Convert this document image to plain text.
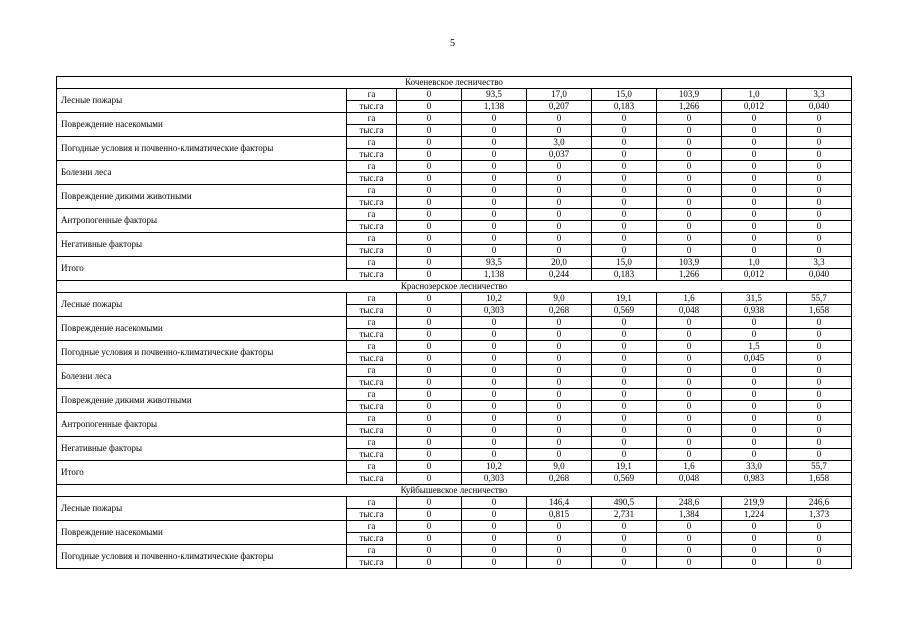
5
Коченевское лесничество								
Лесные пожары	га	0	93,5	17,0	15,0	103,9	1,0	3,3
	тыс.га	0	1,138	0,207	0,183	1,266	0,012	0,040
Повреждение насекомыми	га	0	0	0	0	0	0	0
	тыс.га	0	0	0	0	0	0	0
Погодные условия и почвенно-климатические факторы	га	0	0	3,0	0	0	0	0
	тыс.га	0	0	0,037	0	0	0	0
Болезни леса	га	0	0	0	0	0	0	0
	тыс.га	0	0	0	0	0	0	0
Повреждение дикими животными	га	0	0	0	0	0	0	0
	тыс.га	0	0	0	0	0	0	0
Антропогенные факторы	га	0	0	0	0	0	0	0
	тыс.га	0	0	0	0	0	0	0
Негативные факторы	га	0	0	0	0	0	0	0
	тыс.га	0	0	0	0	0	0	0
Итого	га	0	93,5	20,0	15,0	103,9	1,0	3,3
	тыс.га	0	1,138	0,244	0,183	1,266	0,012	0,040
Краснозерское лесничество								
Лесные пожары	га	0	10,2	9,0	19,1	1,6	31,5	55,7
	тыс.га	0	0,303	0,268	0,569	0,048	0,938	1,658
Повреждение насекомыми	га	0	0	0	0	0	0	0
	тыс.га	0	0	0	0	0	0	0
Погодные условия и почвенно-климатические факторы	га	0	0	0	0	0	1,5	0
	тыс.га	0	0	0	0	0	0,045	0
Болезни леса	га	0	0	0	0	0	0	0
	тыс.га	0	0	0	0	0	0	0
Повреждение дикими животными	га	0	0	0	0	0	0	0
	тыс.га	0	0	0	0	0	0	0
Антропогенные факторы	га	0	0	0	0	0	0	0
	тыс.га	0	0	0	0	0	0	0
Негативные факторы	га	0	0	0	0	0	0	0
	тыс.га	0	0	0	0	0	0	0
Итого	га	0	10,2	9,0	19,1	1,6	33,0	55,7
	тыс.га	0	0,303	0,268	0,569	0,048	0,983	1,658
Куйбышевское лесничество								
Лесные пожары	га	0	0	146,4	490,5	248,6	219,9	246,6
	тыс.га	0	0	0,815	2,731	1,384	1,224	1,373
Повреждение насекомыми	га	0	0	0	0	0	0	0
	тыс.га	0	0	0	0	0	0	0
Погодные условия и почвенно-климатические факторы	га	0	0	0	0	0	0	0
	тыс.га	0	0	0	0	0	0	0
